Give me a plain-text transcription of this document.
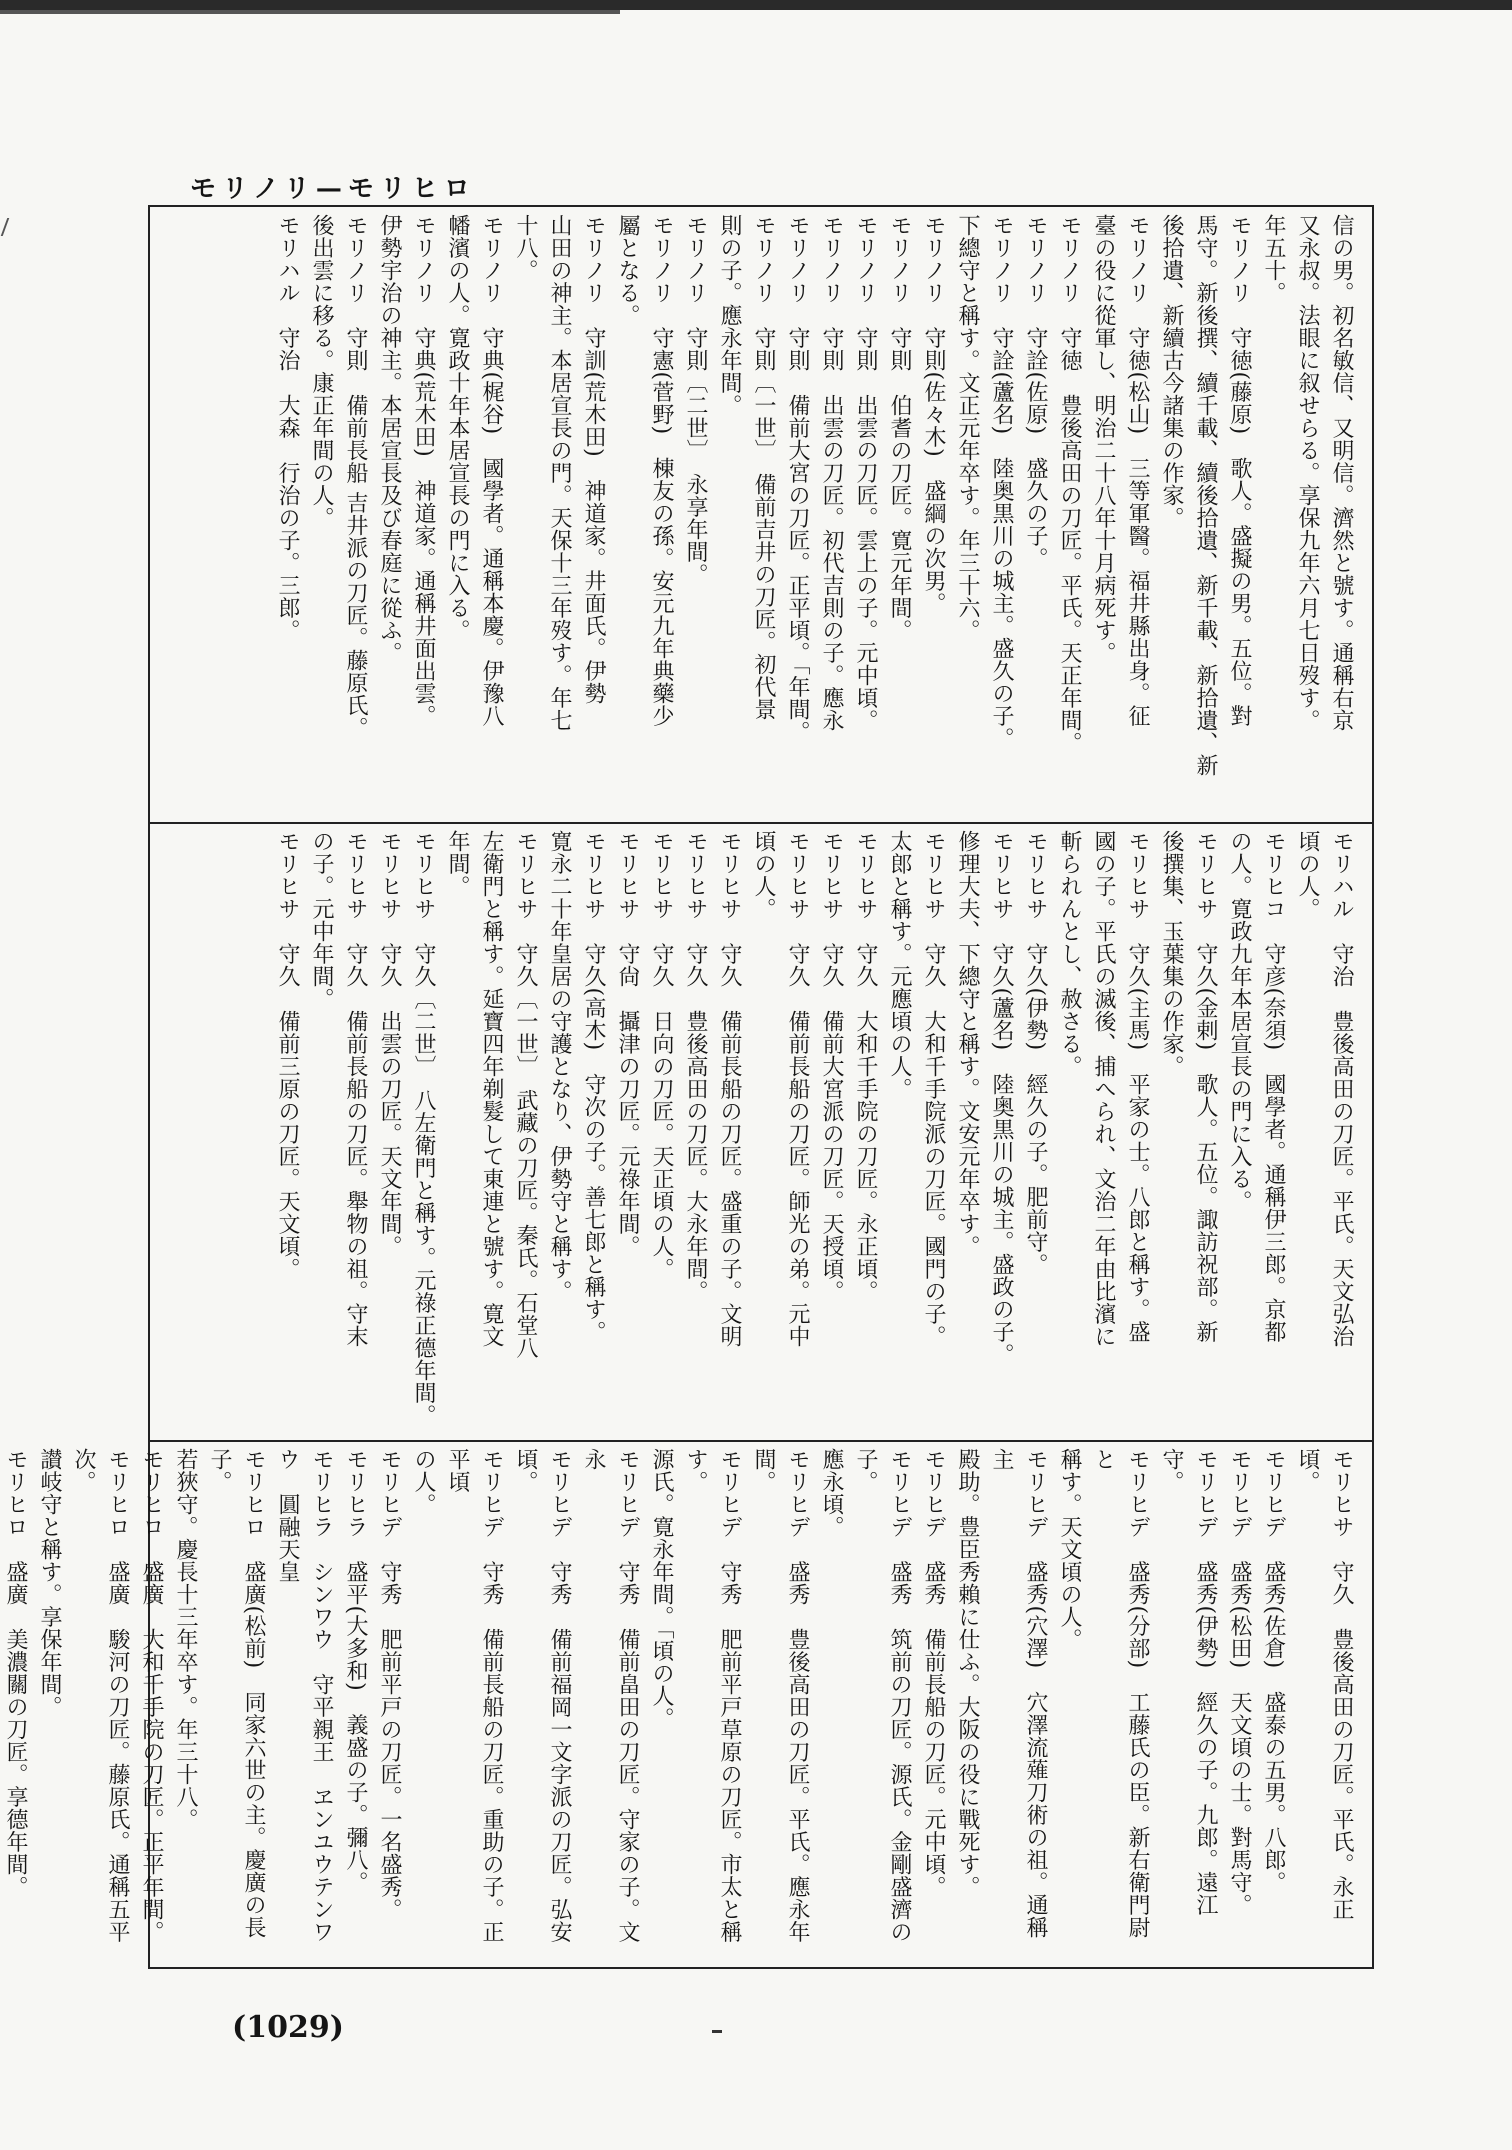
モリノリ—モリヒロ
信の男。初名敏信、又明信。濟然と號す。通稱右京
又永叔。法眼に叙せらる。享保九年六月七日歿す。
年五十。
モリノリ　守徳(藤原)　歌人。盛擬の男。五位。對
馬守。新後撰、續千載、續後拾遺、新千載、新拾遺、新
後拾遺、新續古今諸集の作家。
モリノリ　守徳(松山)　三等軍醫。福井縣出身。征
臺の役に從軍し、明治二十八年十月病死す。
モリノリ　守徳　豊後高田の刀匠。平氏。天正年間。
モリノリ　守詮(佐原)　盛久の子。
モリノリ　守詮(蘆名)　陸奥黒川の城主。盛久の子。
下總守と稱す。文正元年卒す。年三十六。
モリノリ　守則(佐々木)　盛綱の次男。
モリノリ　守則　伯耆の刀匠。寛元年間。
モリノリ　守則　出雲の刀匠。雲上の子。元中頃。
モリノリ　守則　出雲の刀匠。初代吉則の子。應永
モリノリ　守則　備前大宮の刀匠。正平頃。「年間。
モリノリ　守則〔一世〕　備前吉井の刀匠。初代景
則の子。應永年間。
モリノリ　守則〔二世〕　永享年間。
モリノリ　守憲(菅野)　棟友の孫。安元九年典藥少
屬となる。
モリノリ　守訓(荒木田)　神道家。井面氏。伊勢
山田の神主。本居宣長の門。天保十三年歿す。年七
十八。
モリノリ　守典(梶谷)　國學者。通稱本慶。伊豫八
幡濱の人。寛政十年本居宣長の門に入る。
モリノリ　守典(荒木田)　神道家。通稱井面出雲。
伊勢宇治の神主。本居宣長及び春庭に從ふ。
モリノリ　守則　備前長船 吉井派の刀匠。藤原氏。
後出雲に移る。康正年間の人。
モリハル　守治　大森　行治の子。三郎。
モリハル　守治　豊後高田の刀匠。平氏。天文弘治
頃の人。
モリヒコ　守彦(奈須)　國學者。通稱伊三郎。京都
の人。寛政九年本居宣長の門に入る。
モリヒサ　守久(金剌)　歌人。五位。諏訪祝部。新
後撰集、玉葉集の作家。
モリヒサ　守久(主馬)　平家の士。八郎と稱す。盛
國の子。平氏の滅後、捕へられ、文治二年由比濱に
斬られんとし、赦さる。
モリヒサ　守久(伊勢)　經久の子。肥前守。
モリヒサ　守久(蘆名)　陸奥黒川の城主。盛政の子。
修理大夫、下總守と稱す。文安元年卒す。
モリヒサ　守久　大和千手院派の刀匠。國門の子。
太郎と稱す。元應頃の人。
モリヒサ　守久　大和千手院の刀匠。永正頃。
モリヒサ　守久　備前大宮派の刀匠。天授頃。
モリヒサ　守久　備前長船の刀匠。師光の弟。元中
頃の人。
モリヒサ　守久　備前長船の刀匠。盛重の子。文明
モリヒサ　守久　豊後高田の刀匠。大永年間。
モリヒサ　守久　日向の刀匠。天正頃の人。
モリヒサ　守尙　攝津の刀匠。元祿年間。
モリヒサ　守久(高木)　守次の子。善七郎と稱す。
寛永二十年皇居の守護となり、伊勢守と稱す。
モリヒサ　守久〔一世〕　武藏の刀匠。秦氏。石堂八
左衛門と稱す。延寶四年剃髮して東連と號す。寛文
年間。
モリヒサ　守久〔二世〕　八左衛門と稱す。元祿正德年間。
モリヒサ　守久　出雲の刀匠。天文年間。
モリヒサ　守久　備前長船の刀匠。舉物の祖。守末
の子。元中年間。
モリヒサ　守久　備前三原の刀匠。天文頃。
モリヒサ　守久　豊後高田の刀匠。平氏。永正頃。
モリヒデ　盛秀(佐倉)　盛泰の五男。八郎。
モリヒデ　盛秀(松田)　天文頃の士。對馬守。
モリヒデ　盛秀(伊勢)　經久の子。九郎。遠江守。
モリヒデ　盛秀(分部)　工藤氏の臣。新右衛門尉と
稱す。天文頃の人。
モリヒデ　盛秀(穴澤)　穴澤流薙刀術の祖。通稱主
殿助。豊臣秀賴に仕ふ。大阪の役に戰死す。
モリヒデ　盛秀　備前長船の刀匠。元中頃。
モリヒデ　盛秀　筑前の刀匠。源氏。金剛盛濟の子。
應永頃。
モリヒデ　盛秀　豊後高田の刀匠。平氏。應永年間。
モリヒデ　守秀　肥前平戸草原の刀匠。市太と稱す。
源氏。寛永年間。「頃の人。
モリヒデ　守秀　備前畠田の刀匠。守家の子。文永
モリヒデ　守秀　備前福岡一文字派の刀匠。弘安頃。
モリヒデ　守秀　備前長船の刀匠。重助の子。正平頃
の人。
モリヒデ　守秀　肥前平戸の刀匠。一名盛秀。
モリヒラ　盛平(大多和)　義盛の子。彌八。
モリヒラ　シンワウ　守平親王　ヱンユウテンワ
ウ　圓融天皇
モリヒロ　盛廣(松前)　同家六世の主。慶廣の長子。
若狹守。慶長十三年卒す。年三十八。
モリヒロ　盛廣　大和千手院の刀匠。正平年間。
モリヒロ　盛廣　駿河の刀匠。藤原氏。通稱五平次。
讃岐守と稱す。享保年間。
モリヒロ　盛廣　美濃關の刀匠。享德年間。
(1029)
